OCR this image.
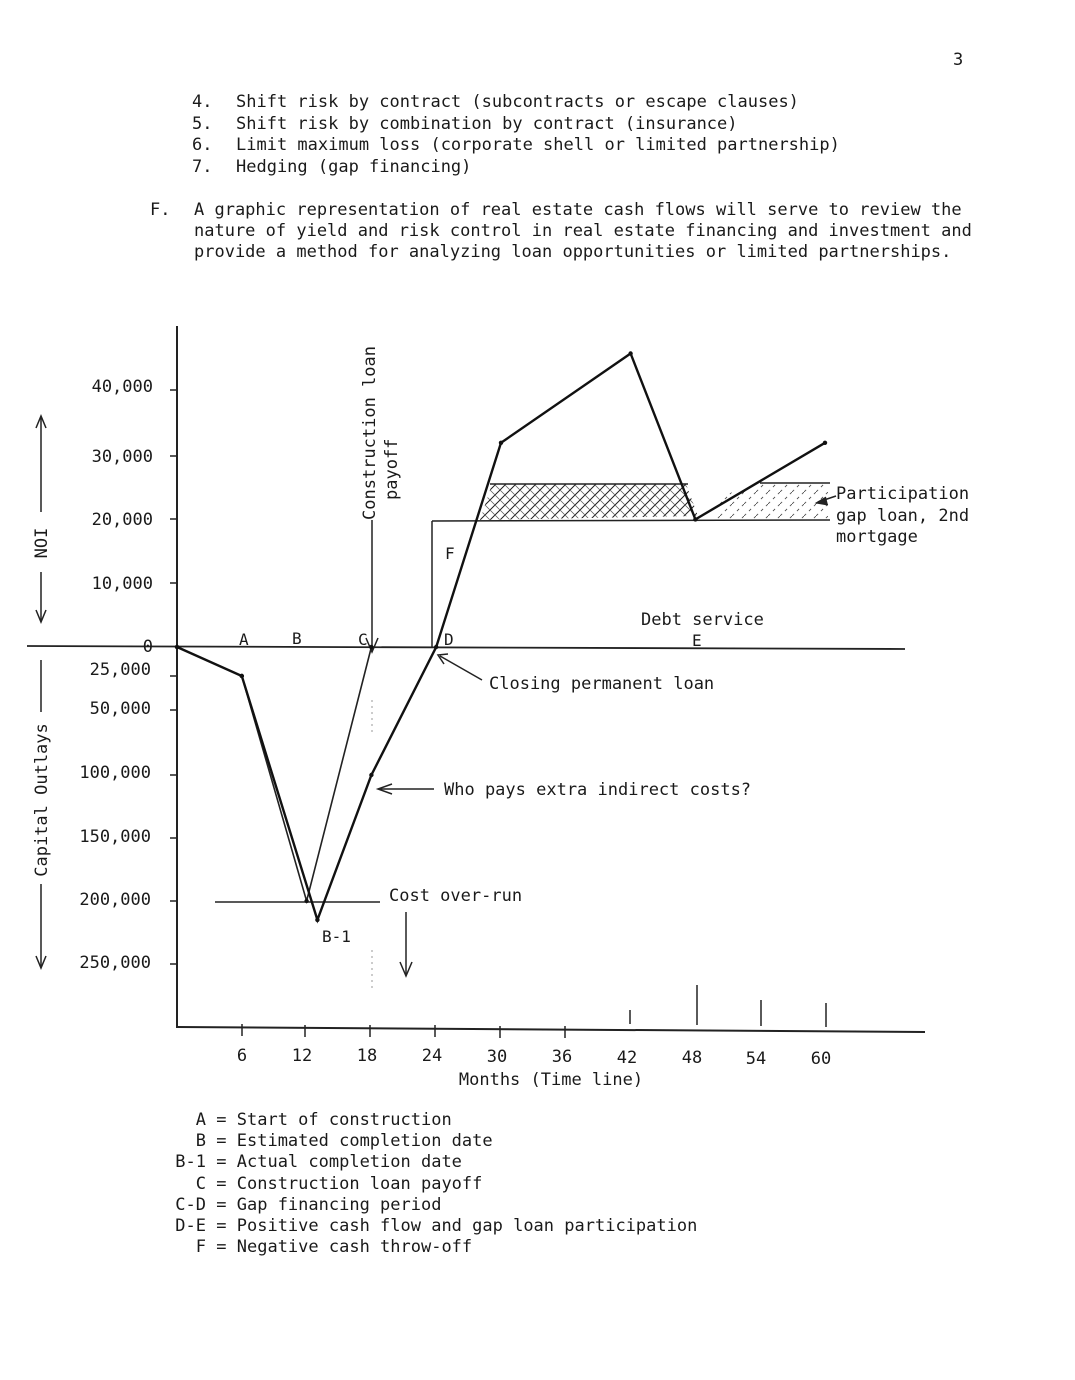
3
4. Shift risk by contract (subcontracts or escape clauses)
5. Shift risk by combination by contract (insurance)
6. Limit maximum loss (corporate shell or limited partnership)
7. Hedging (gap financing)
F. A graphic representation of real estate cash flows will serve to review the nature of yield and risk control in real estate financing and investment and provide a method for analyzing loan opportunities or limited partnerships.
40,000
30,000
20,000
10,000
0
25,000
50,000
100,000
150,000
200,000
250,000
NOI
Capital Outlays
6	12	18	24	30	36	42	48	54	60
Months (Time line)
A	B	C	D	E
F
B-1
Construction loan payoff
Debt service
Closing permanent loan
Who pays extra indirect costs?
Cost over-run
Participation
gap loan, 2nd
mortgage
A = Start of construction
B = Estimated completion date
B-1 = Actual completion date
C = Construction loan payoff
C-D = Gap financing period
D-E = Positive cash flow and gap loan participation
F = Negative cash throw-off
